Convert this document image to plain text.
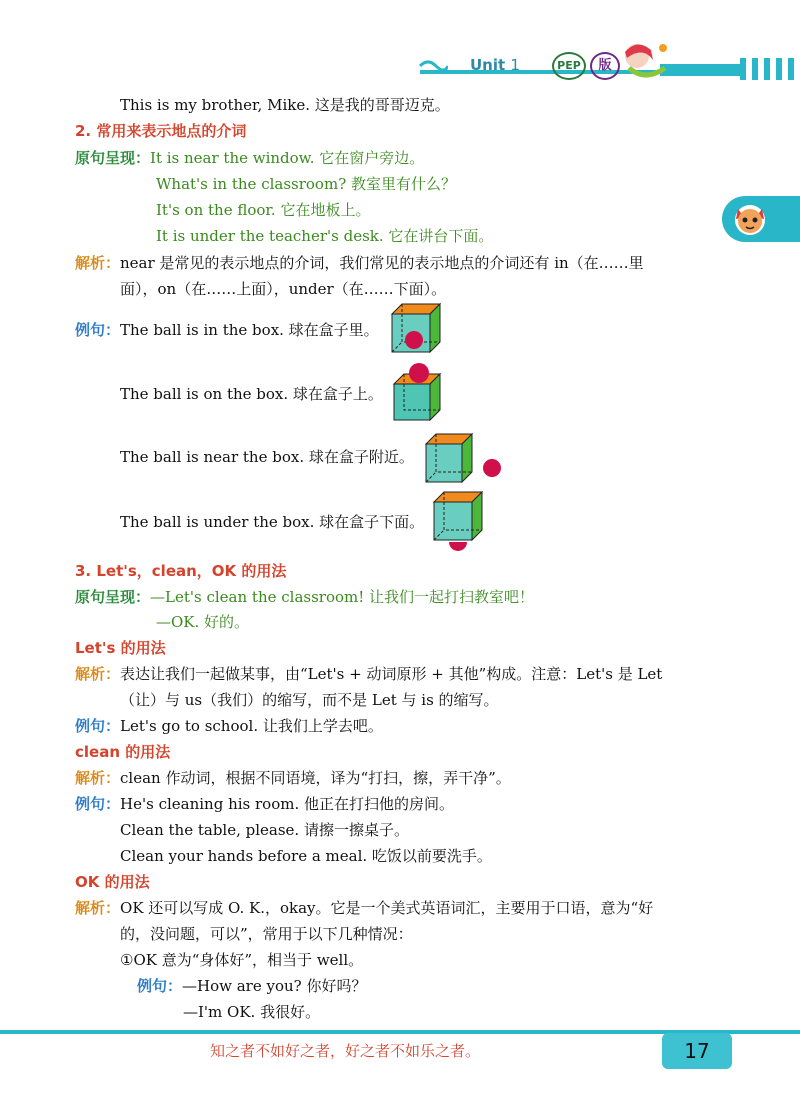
Unit 1	PEP	版
This is my brother, Mike. 这是我的哥哥迈克。
2. 常用来表示地点的介词
原句呈现：It is near the window. 它在窗户旁边。
What's in the classroom? 教室里有什么？
It's on the floor. 它在地板上。
It is under the teacher's desk. 它在讲台下面。
解析：near 是常见的表示地点的介词，我们常见的表示地点的介词还有 in（在……里
面），on（在……上面），under（在……下面）。
例句：The ball is in the box. 球在盒子里。
The ball is on the box. 球在盒子上。
The ball is near the box. 球在盒子附近。
The ball is under the box. 球在盒子下面。
3. Let's，clean，OK 的用法
原句呈现：—Let's clean the classroom! 让我们一起打扫教室吧！
—OK. 好的。
Let's 的用法
解析：表达让我们一起做某事，由“Let's + 动词原形 + 其他”构成。注意：Let's 是 Let
（让）与 us（我们）的缩写，而不是 Let 与 is 的缩写。
例句：Let's go to school. 让我们上学去吧。
clean 的用法
解析：clean 作动词，根据不同语境，译为“打扫，擦，弄干净”。
例句：He's cleaning his room. 他正在打扫他的房间。
Clean the table, please. 请擦一擦桌子。
Clean your hands before a meal. 吃饭以前要洗手。
OK 的用法
解析：OK 还可以写成 O. K.，okay。它是一个美式英语词汇，主要用于口语，意为“好
的，没问题，可以”，常用于以下几种情况：
①OK 意为“身体好”，相当于 well。
例句：—How are you? 你好吗？
—I'm OK. 我很好。
知之者不如好之者，好之者不如乐之者。	17
